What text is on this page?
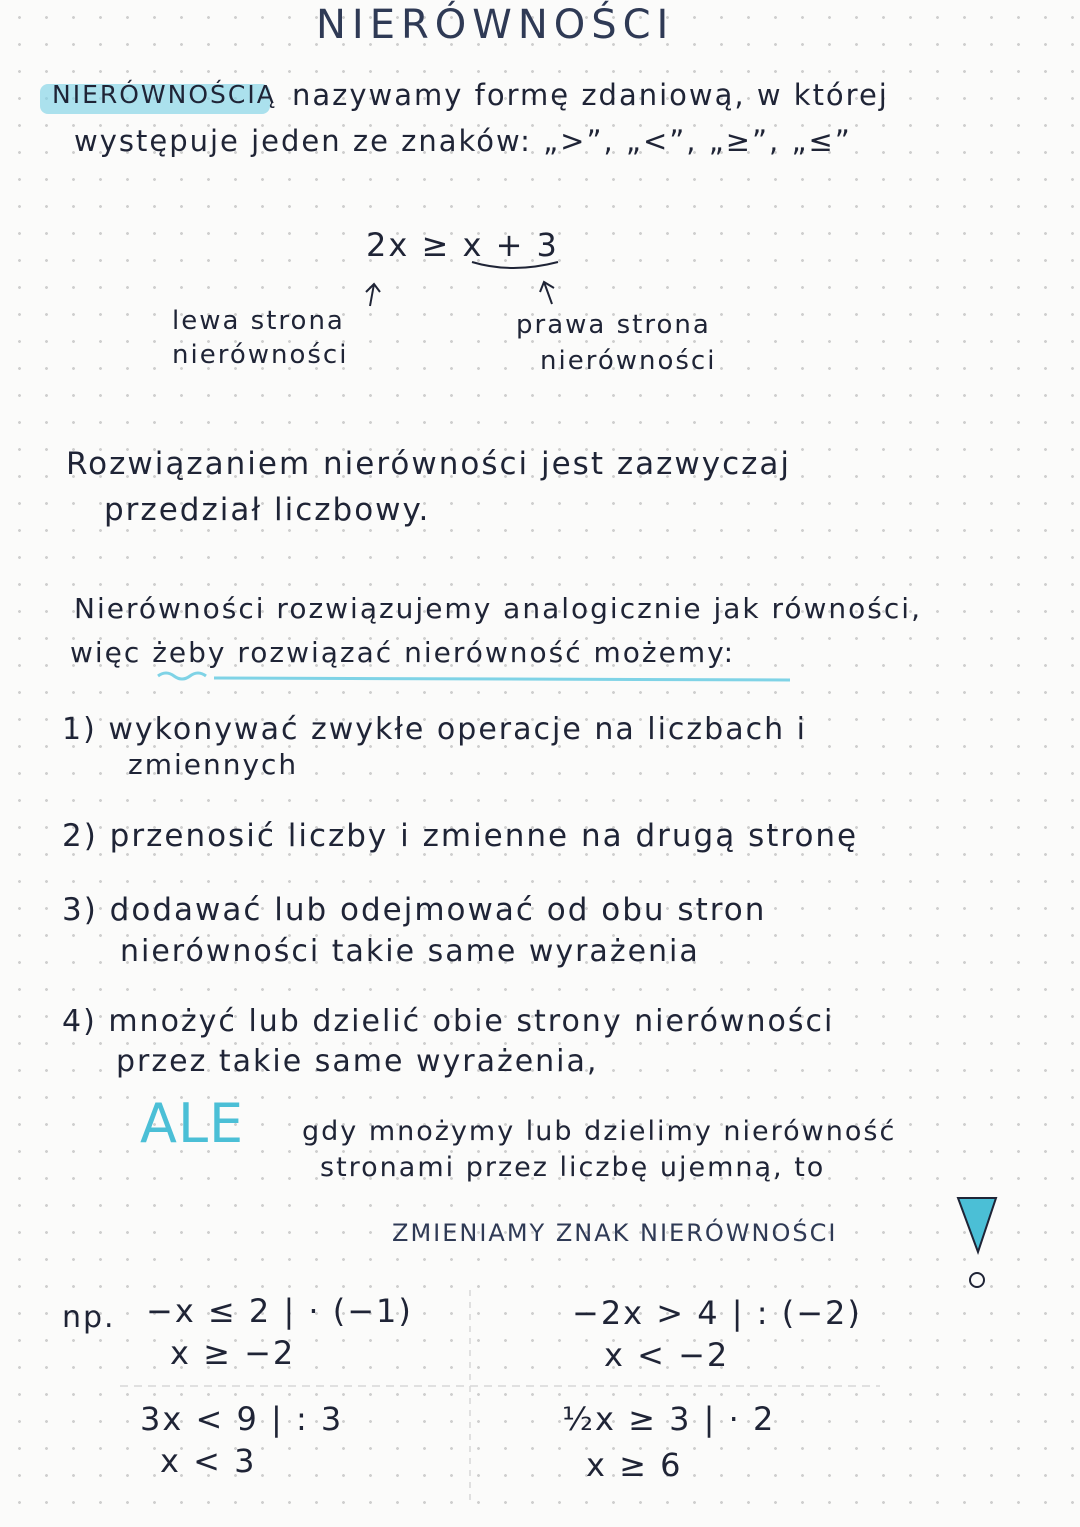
NIERÓWNOŚCI
NIERÓWNOŚCIĄ nazywamy formę zdaniową, w której
występuje jeden ze znaków: „>”, „<”, „≥”, „≤”
2x ≥ x + 3
lewa strona
nierówności
prawa strona
nierówności
Rozwiązaniem nierówności jest zazwyczaj
przedział liczbowy.
Nierówności rozwiązujemy analogicznie jak równości,
więc żeby rozwiązać nierówność możemy:
1) wykonywać zwykłe operacje na liczbach i
zmiennych
2) przenosić liczby i zmienne na drugą stronę
3) dodawać lub odejmować od obu stron
nierówności takie same wyrażenia
4) mnożyć lub dzielić obie strony nierówności
przez takie same wyrażenia,
ALE gdy mnożymy lub dzielimy nierówność
stronami przez liczbę ujemną, to
ZMIENIAMY ZNAK NIERÓWNOŚCI
np. −x ≤ 2 | · (−1)
x ≥ −2
−2x > 4 | : (−2)
x < −2
3x < 9 | : 3
x < 3
½x ≥ 3 | · 2
x ≥ 6
